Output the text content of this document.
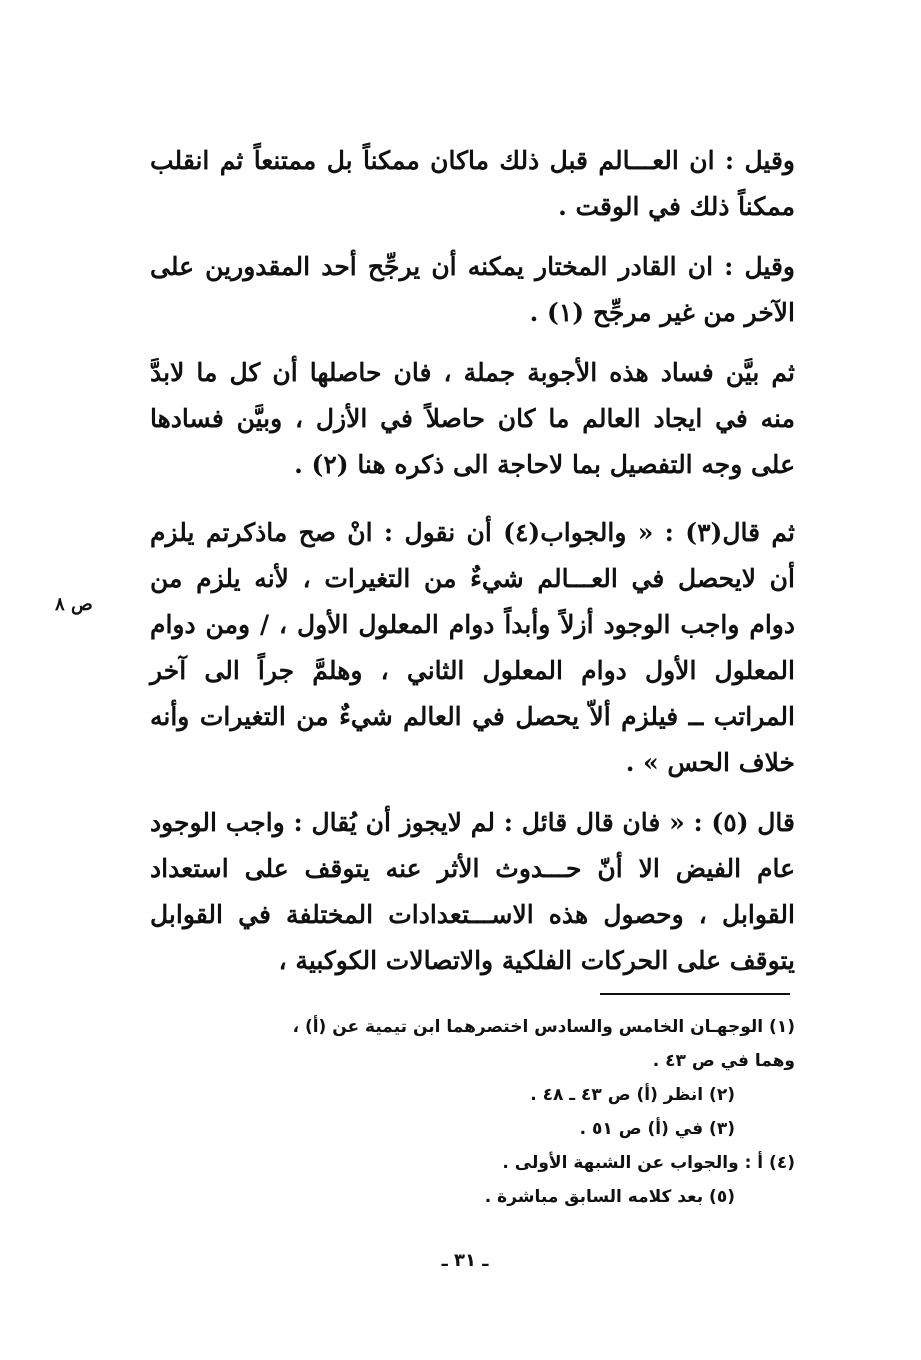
وقيل : ان العـــالم قبل ذلك ماكان ممكناً بل ممتنعاً ثم انقلب ممكناً ذلك في الوقت .

وقيل : ان القادر المختار يمكنه أن يرجِّح أحد المقدورين على الآخر من غير مرجِّح (١) .

ثم بيَّن فساد هذه الأجوبة جملة ، فان حاصلها أن كل ما لابدَّ منه في ايجاد العالم ما كان حاصلاً في الأزل ، وبيَّن فسادها على وجه التفصيل بما لاحاجة الى ذكره هنا (٢) .

ثم قال(٣) : « والجواب(٤) أن نقول : انْ صح ماذكرتم يلزم أن لايحصل في العـــالم شيءٌ من التغيرات ، لأنه يلزم من دوام واجب الوجود أزلاً وأبداً دوام المعلول الأول ، / ومن دوام المعلول الأول دوام المعلول الثاني ، وهلمَّ جراً الى آخر المراتب ــ فيلزم ألاّ يحصل في العالم شيءٌ من التغيرات وأنه خلاف الحس » .

قال (٥) : « فان قال قائل : لم لايجوز أن يُقال : واجب الوجود عام الفيض الا أنّ حـــدوث الأثر عنه يتوقف على استعداد القوابل ، وحصول هذه الاســـتعدادات المختلفة في القوابل يتوقف على الحركات الفلكية والاتصالات الكوكبية ،

ص ٨

(١) الوجهـان الخامس والسادس اختصرهما ابن تيمية عن (أ) ،

وهما في ص ٤٣ .

(٢) انظر (أ) ص ٤٣ ـ ٤٨ .

(٣) في (أ) ص ٥١ .

(٤) أ : والجواب عن الشبهة الأولى .

(٥) بعد كلامه السابق مباشرة .

ـ ٣١ ـ
